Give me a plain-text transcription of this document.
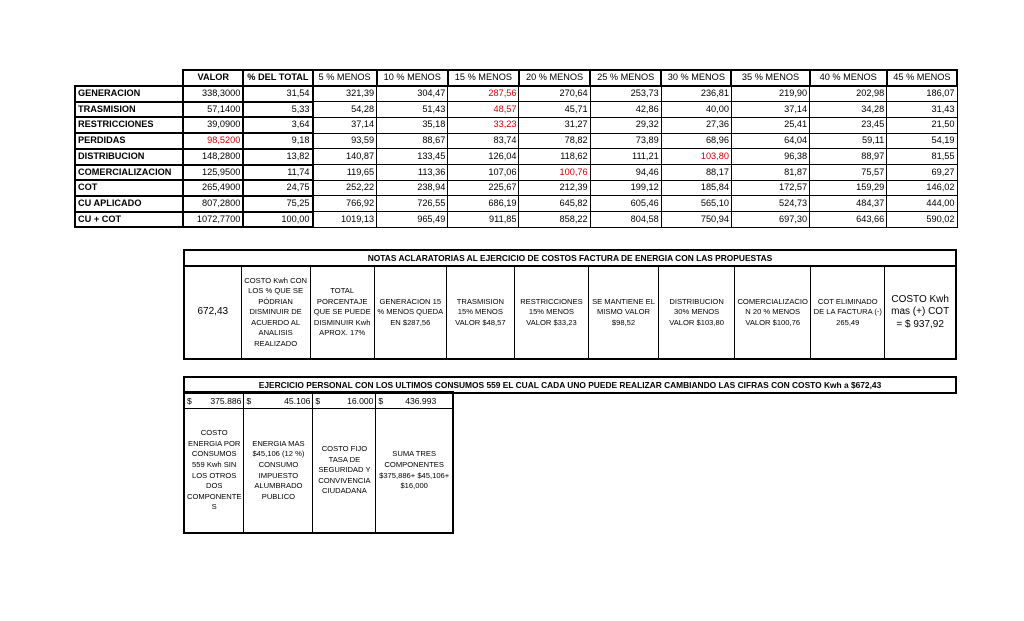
	VALOR	% DEL TOTAL	5 % MENOS	10 % MENOS	15 % MENOS	20 % MENOS	25 % MENOS	30 % MENOS	35 % MENOS	40 % MENOS	45 % MENOS
GENERACION	338,3000	31,54	321,39	304,47	287,56	270,64	253,73	236,81	219,90	202,98	186,07
TRASMISION	57,1400	5,33	54,28	51,43	48,57	45,71	42,86	40,00	37,14	34,28	31,43
RESTRICCIONES	39,0900	3,64	37,14	35,18	33,23	31,27	29,32	27,36	25,41	23,45	21,50
PERDIDAS	98,5200	9,18	93,59	88,67	83,74	78,82	73,89	68,96	64,04	59,11	54,19
DISTRIBUCION	148,2800	13,82	140,87	133,45	126,04	118,62	111,21	103,80	96,38	88,97	81,55
COMERCIALIZACION	125,9500	11,74	119,65	113,36	107,06	100,76	94,46	88,17	81,87	75,57	69,27
COT	265,4900	24,75	252,22	238,94	225,67	212,39	199,12	185,84	172,57	159,29	146,02
CU APLICADO	807,2800	75,25	766,92	726,55	686,19	645,82	605,46	565,10	524,73	484,37	444,00
CU + COT	1072,7700	100,00	1019,13	965,49	911,85	858,22	804,58	750,94	697,30	643,66	590,02
NOTAS ACLARATORIAS AL EJERCICIO DE COSTOS FACTURA DE ENERGIA CON LAS PROPUESTAS
672,43	COSTO Kwh CON LOS % QUE SE PÓDRIAN DISMINUIR DE ACUERDO AL ANALISIS REALIZADO	TOTAL PORCENTAJE QUE SE PUEDE DISMINUIR Kwh APROX. 17%	GENERACION 15 % MENOS QUEDA EN $287,56	TRASMISION 15% MENOS VALOR $48,57	RESTRICCIONES 15% MENOS VALOR $33,23	SE MANTIENE EL MISMO VALOR $98,52	DISTRIBUCION 30% MENOS VALOR $103,80	COMERCIALIZACIO N 20 % MENOS VALOR $100,76	COT ELIMINADO DE LA FACTURA (-) 265,49	COSTO Kwh mas (+) COT = $ 937,92
EJERCICIO PERSONAL CON LOS ULTIMOS CONSUMOS 559 EL CUAL CADA UNO PUEDE REALIZAR CAMBIANDO LAS CIFRAS CON COSTO Kwh a $672,43
$ 375.886	$ 45.106	$ 16.000	$ 436.993

COSTO ENERGIA POR CONSUMOS 559 Kwh SIN LOS OTROS DOS COMPONENTE S	ENERGIA MAS $45,106 (12 %) CONSUMO IMPUESTO ALUMBRADO PUBLICO	COSTO FIJO TASA DE SEGURIDAD Y CONVIVENCIA CIUDADANA	SUMA TRES COMPONENTES $375,886+ $45,106+ $16,000
